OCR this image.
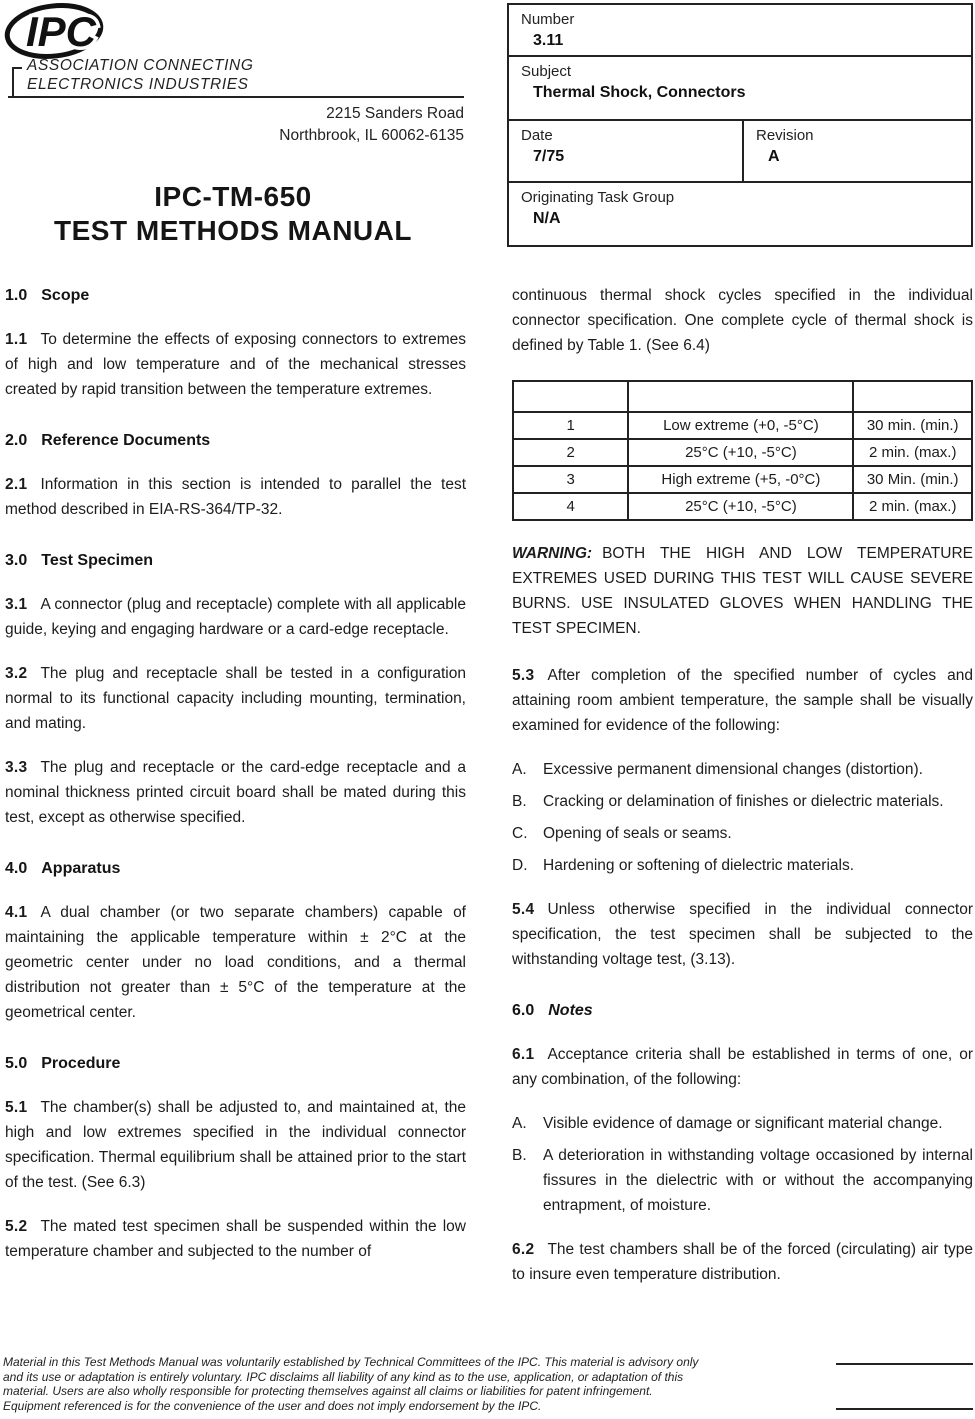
IPC
ASSOCIATION CONNECTING
ELECTRONICS INDUSTRIES
2215 Sanders Road
Northbrook, IL 60062-6135
IPC-TM-650
TEST METHODS MANUAL
Number
3.11
Subject
Thermal Shock, Connectors
Date
7/75
Revision
A
Originating Task Group
N/A
1.0 Scope

1.1 To determine the effects of exposing connectors to extremes of high and low temperature and of the mechanical stresses created by rapid transition between the temperature extremes.

2.0 Reference Documents

2.1 Information in this section is intended to parallel the test method described in EIA-RS-364/TP-32.

3.0 Test Specimen

3.1 A connector (plug and receptacle) complete with all applicable guide, keying and engaging hardware or a card-edge receptacle.

3.2 The plug and receptacle shall be tested in a configuration normal to its functional capacity including mounting, termination, and mating.

3.3 The plug and receptacle or the card-edge receptacle and a nominal thickness printed circuit board shall be mated during this test, except as otherwise specified.

4.0 Apparatus

4.1 A dual chamber (or two separate chambers) capable of maintaining the applicable temperature within ± 2°C at the geometric center under no load conditions, and a thermal distribution not greater than ± 5°C of the temperature at the geometrical center.

5.0 Procedure

5.1 The chamber(s) shall be adjusted to, and maintained at, the high and low extremes specified in the individual connector specification. Thermal equilibrium shall be attained prior to the start of the test. (See 6.3)

5.2 The mated test specimen shall be suspended within the low temperature chamber and subjected to the number of

continuous thermal shock cycles specified in the individual connector specification. One complete cycle of thermal shock is defined by Table 1. (See 6.4)

1	Low extreme (+0, -5°C)	30 min. (min.)
2	25°C (+10, -5°C)	2 min. (max.)
3	High extreme (+5, -0°C)	30 Min. (min.)
4	25°C (+10, -5°C)	2 min. (max.)

WARNING: BOTH THE HIGH AND LOW TEMPERATURE EXTREMES USED DURING THIS TEST WILL CAUSE SEVERE BURNS. USE INSULATED GLOVES WHEN HANDLING THE TEST SPECIMEN.

5.3 After completion of the specified number of cycles and attaining room ambient temperature, the sample shall be visually examined for evidence of the following:

A. Excessive permanent dimensional changes (distortion).
B. Cracking or delamination of finishes or dielectric materials.
C. Opening of seals or seams.
D. Hardening or softening of dielectric materials.

5.4 Unless otherwise specified in the individual connector specification, the test specimen shall be subjected to the withstanding voltage test, (3.13).

6.0 Notes

6.1 Acceptance criteria shall be established in terms of one, or any combination, of the following:

A. Visible evidence of damage or significant material change.
B. A deterioration in withstanding voltage occasioned by internal fissures in the dielectric with or without the accompanying entrapment, of moisture.

6.2 The test chambers shall be of the forced (circulating) air type to insure even temperature distribution.

Material in this Test Methods Manual was voluntarily established by Technical Committees of the IPC. This material is advisory only
and its use or adaptation is entirely voluntary. IPC disclaims all liability of any kind as to the use, application, or adaptation of this
material. Users are also wholly responsible for protecting themselves against all claims or liabilities for patent infringement.
Equipment referenced is for the convenience of the user and does not imply endorsement by the IPC.
